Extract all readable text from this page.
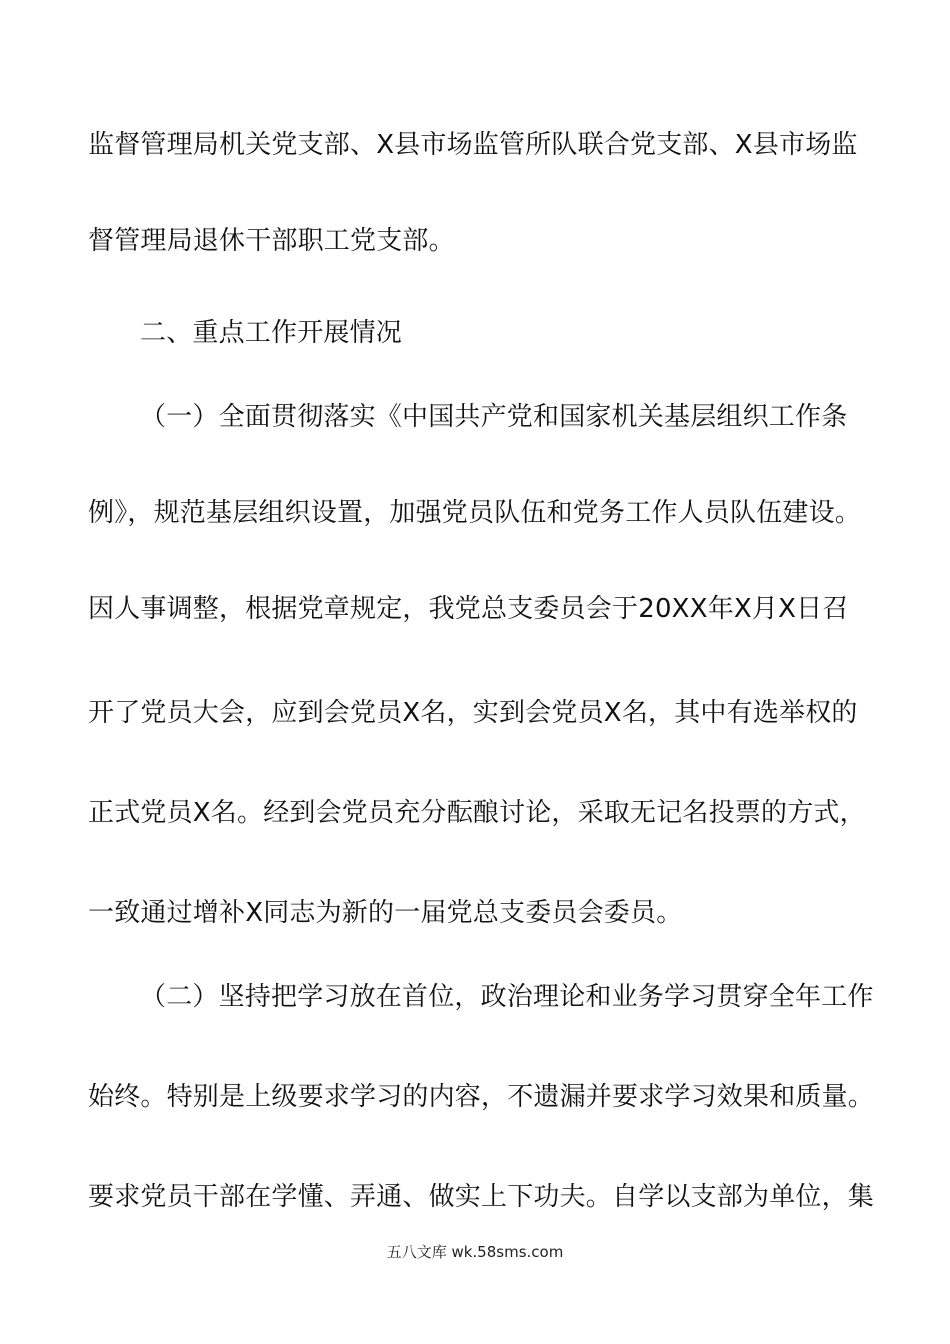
监督管理局机关党支部、X县市场监管所队联合党支部、X县市场监
督管理局退休干部职工党支部。
二、重点工作开展情况
（一）全面贯彻落实《中国共产党和国家机关基层组织工作条
例》，规范基层组织设置，加强党员队伍和党务工作人员队伍建设。
因人事调整，根据党章规定，我党总支委员会于20XX年X月X日召
开了党员大会，应到会党员X名，实到会党员X名，其中有选举权的
正式党员X名。经到会党员充分酝酿讨论，采取无记名投票的方式，
一致通过增补X同志为新的一届党总支委员会委员。
（二）坚持把学习放在首位，政治理论和业务学习贯穿全年工作
始终。特别是上级要求学习的内容，不遗漏并要求学习效果和质量。
要求党员干部在学懂、弄通、做实上下功夫。自学以支部为单位，集
五八文库 wk.58sms.com
